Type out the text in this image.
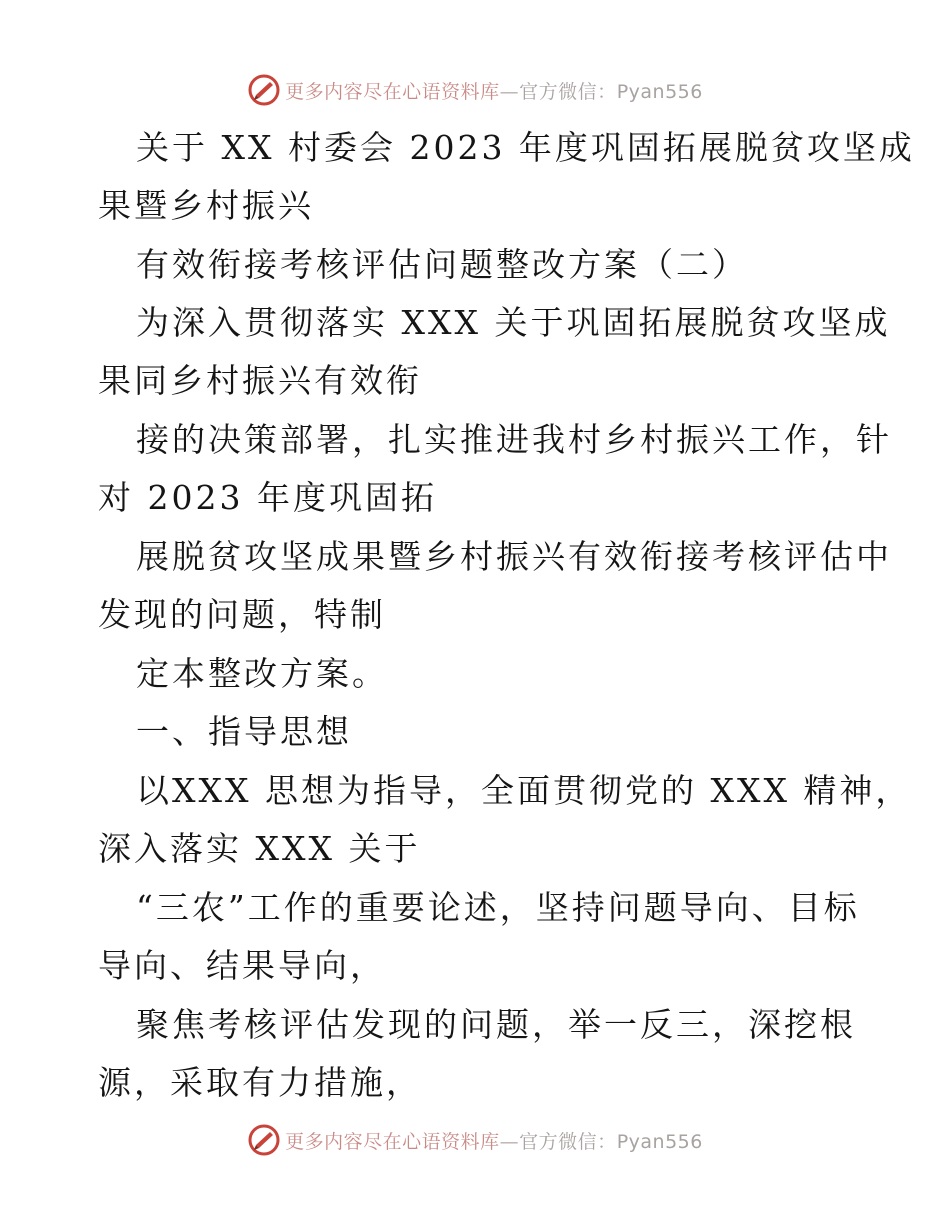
更多内容尽在心语资料库—官方微信：Pyan556
关于 XX 村委会 2023 年度巩固拓展脱贫攻坚成
果暨乡村振兴
有效衔接考核评估问题整改方案（二）
为深入贯彻落实 XXX 关于巩固拓展脱贫攻坚成
果同乡村振兴有效衔
接的决策部署，扎实推进我村乡村振兴工作，针
对 2023 年度巩固拓
展脱贫攻坚成果暨乡村振兴有效衔接考核评估中
发现的问题，特制
定本整改方案。
一、指导思想
以XXX 思想为指导，全面贯彻党的 XXX 精神，
深入落实 XXX 关于
“三农”工作的重要论述，坚持问题导向、目标
导向、结果导向，
聚焦考核评估发现的问题，举一反三，深挖根
源，采取有力措施，
更多内容尽在心语资料库—官方微信：Pyan556
